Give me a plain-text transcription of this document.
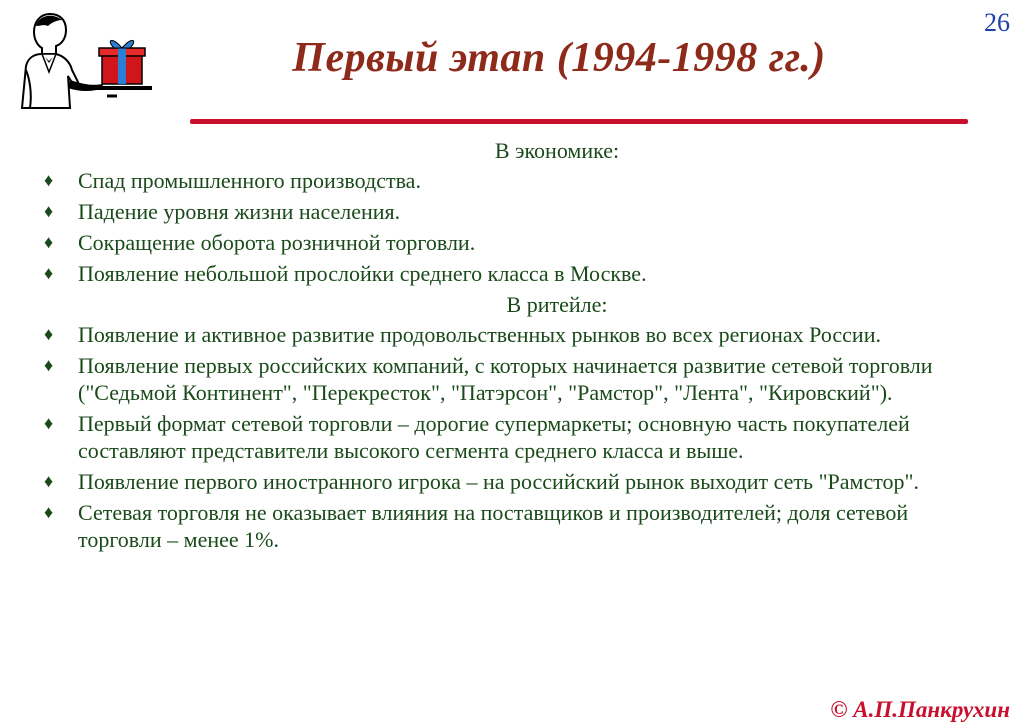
26
Первый этап (1994-1998 гг.)
В экономике:
♦ Спад промышленного производства.
♦ Падение уровня жизни населения.
♦ Сокращение оборота розничной торговли.
♦ Появление небольшой прослойки среднего класса в Москве.
В ритейле:
♦ Появление и активное развитие продовольственных рынков во всех регионах России.
♦ Появление первых российских компаний, с которых начинается развитие сетевой торговли ("Седьмой Континент", "Перекресток", "Патэрсон", "Рамстор", "Лента", "Кировский").
♦ Первый формат сетевой торговли – дорогие супермаркеты; основную часть покупателей составляют представители высокого сегмента среднего класса и выше.
♦ Появление первого иностранного игрока – на российский рынок выходит сеть "Рамстор".
♦ Сетевая торговля не оказывает влияния на поставщиков и производителей; доля сетевой торговли – менее 1%.
© А.П.Панкрухин
